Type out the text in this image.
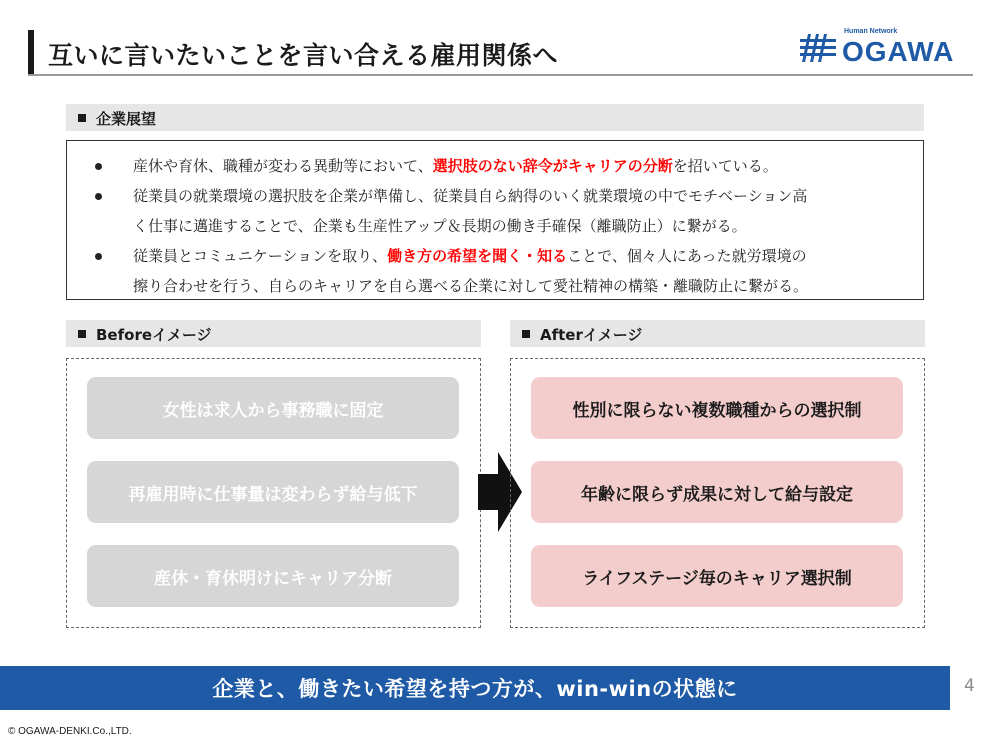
互いに言いたいことを言い合える雇用関係へ
Human Network
OGAWA
企業展望
産休や育休、職種が変わる異動等において、選択肢のない辞令がキャリアの分断を招いている。
従業員の就業環境の選択肢を企業が準備し、従業員自ら納得のいく就業環境の中でモチベーション高
く仕事に邁進することで、企業も生産性アップ＆長期の働き手確保（離職防止）に繋がる。
従業員とコミュニケーションを取り、働き方の希望を聞く・知ることで、個々人にあった就労環境の
擦り合わせを行う、自らのキャリアを自ら選べる企業に対して愛社精神の構築・離職防止に繋がる。
Beforeイメージ
女性は求人から事務職に固定
再雇用時に仕事量は変わらず給与低下
産休・育休明けにキャリア分断
Afterイメージ
性別に限らない複数職種からの選択制
年齢に限らず成果に対して給与設定
ライフステージ毎のキャリア選択制
企業と、働きたい希望を持つ方が、win-winの状態に	4
© OGAWA-DENKI.Co.,LTD.
